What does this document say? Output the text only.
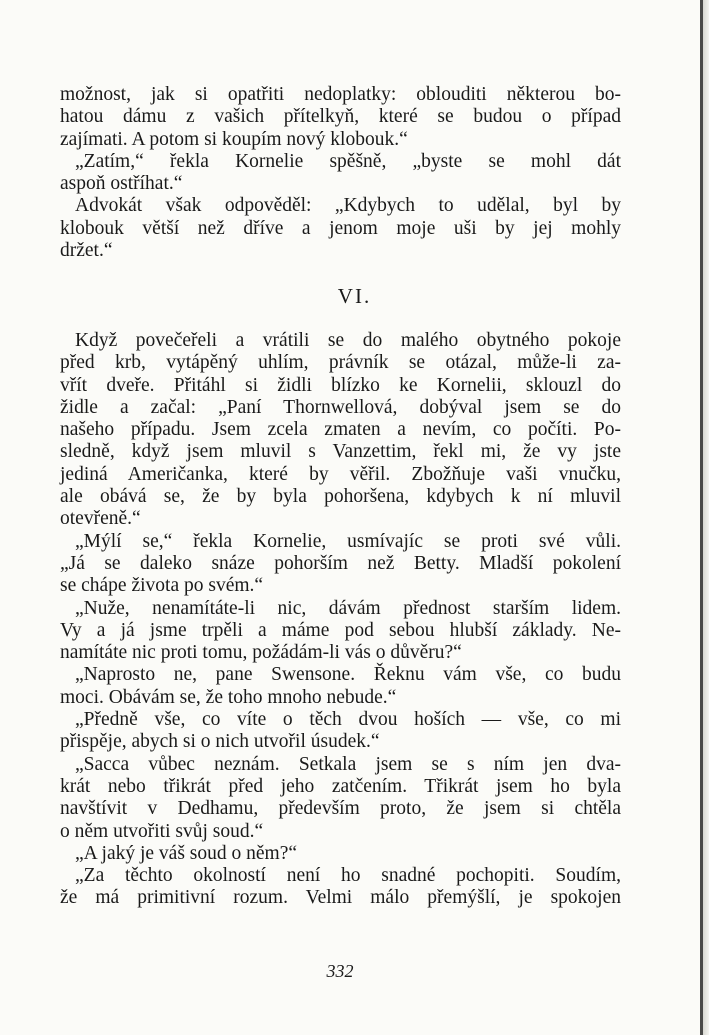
možnost, jak si opatřiti nedoplatky: oblouditi některou bo-
hatou dámu z vašich přítelkyň, které se budou o případ
zajímati. A potom si koupím nový klobouk.“
„Zatím,“ řekla Kornelie spěšně, „byste se mohl dát
aspoň ostříhat.“
Advokát však odpověděl: „Kdybych to udělal, byl by
klobouk větší než dříve a jenom moje uši by jej mohly
držet.“
VI.
Když povečeřeli a vrátili se do malého obytného pokoje
před krb, vytápěný uhlím, právník se otázal, může-li za-
vřít dveře. Přitáhl si židli blízko ke Kornelii, sklouzl do
židle a začal: „Paní Thornwellová, dobýval jsem se do
našeho případu. Jsem zcela zmaten a nevím, co počíti. Po-
sledně, když jsem mluvil s Vanzettim, řekl mi, že vy jste
jediná Američanka, které by věřil. Zbožňuje vaši vnučku,
ale obává se, že by byla pohoršena, kdybych k ní mluvil
otevřeně.“
„Mýlí se,“ řekla Kornelie, usmívajíc se proti své vůli.
„Já se daleko snáze pohorším než Betty. Mladší pokolení
se chápe života po svém.“
„Nuže, nenamítáte-li nic, dávám přednost starším lidem.
Vy a já jsme trpěli a máme pod sebou hlubší základy. Ne-
namítáte nic proti tomu, požádám-li vás o důvěru?“
„Naprosto ne, pane Swensone. Řeknu vám vše, co budu
moci. Obávám se, že toho mnoho nebude.“
„Předně vše, co víte o těch dvou hoších — vše, co mi
přispěje, abych si o nich utvořil úsudek.“
„Sacca vůbec neznám. Setkala jsem se s ním jen dva-
krát nebo třikrát před jeho zatčením. Třikrát jsem ho byla
navštívit v Dedhamu, především proto, že jsem si chtěla
o něm utvořiti svůj soud.“
„A jaký je váš soud o něm?“
„Za těchto okolností není ho snadné pochopiti. Soudím,
že má primitivní rozum. Velmi málo přemýšlí, je spokojen
332
